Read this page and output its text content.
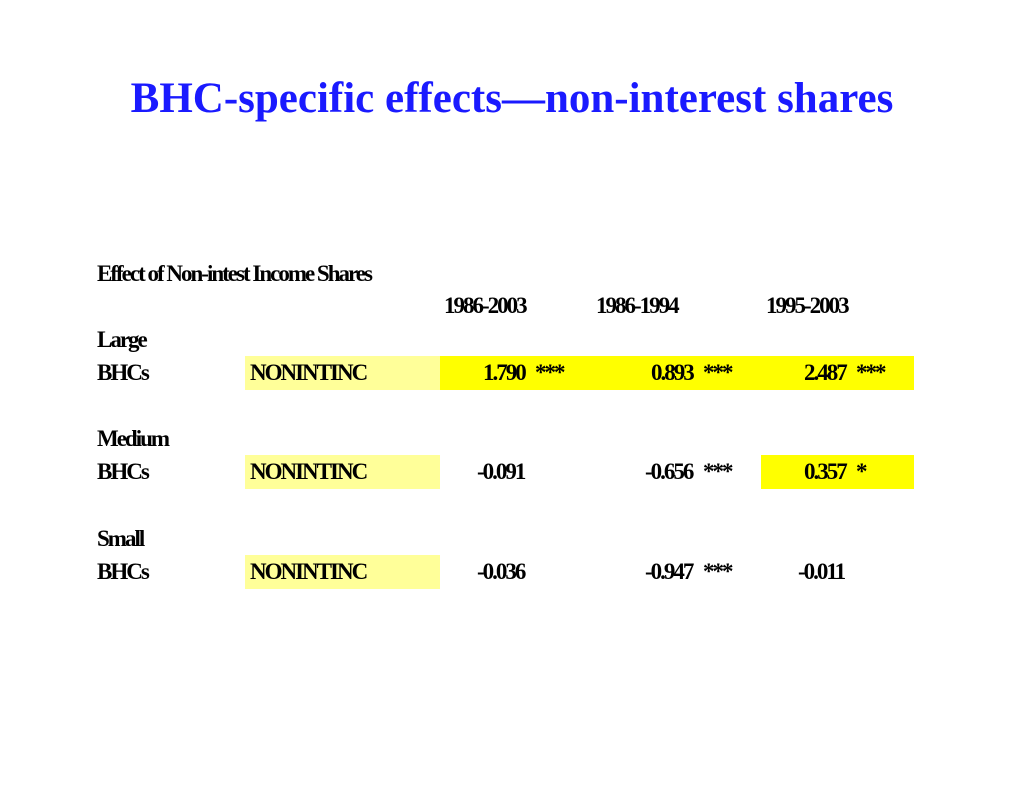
BHC-specific effects—non-interest shares
Effect of Non-intest Income Shares
1986-2003	1986-1994	1995-2003
Large
BHCs	NONINTINC	1.790 ***	0.893 ***	2.487 ***
Medium
BHCs	NONINTINC	-0.091	-0.656 ***	0.357 *
Small
BHCs	NONINTINC	-0.036	-0.947 ***	-0.011
